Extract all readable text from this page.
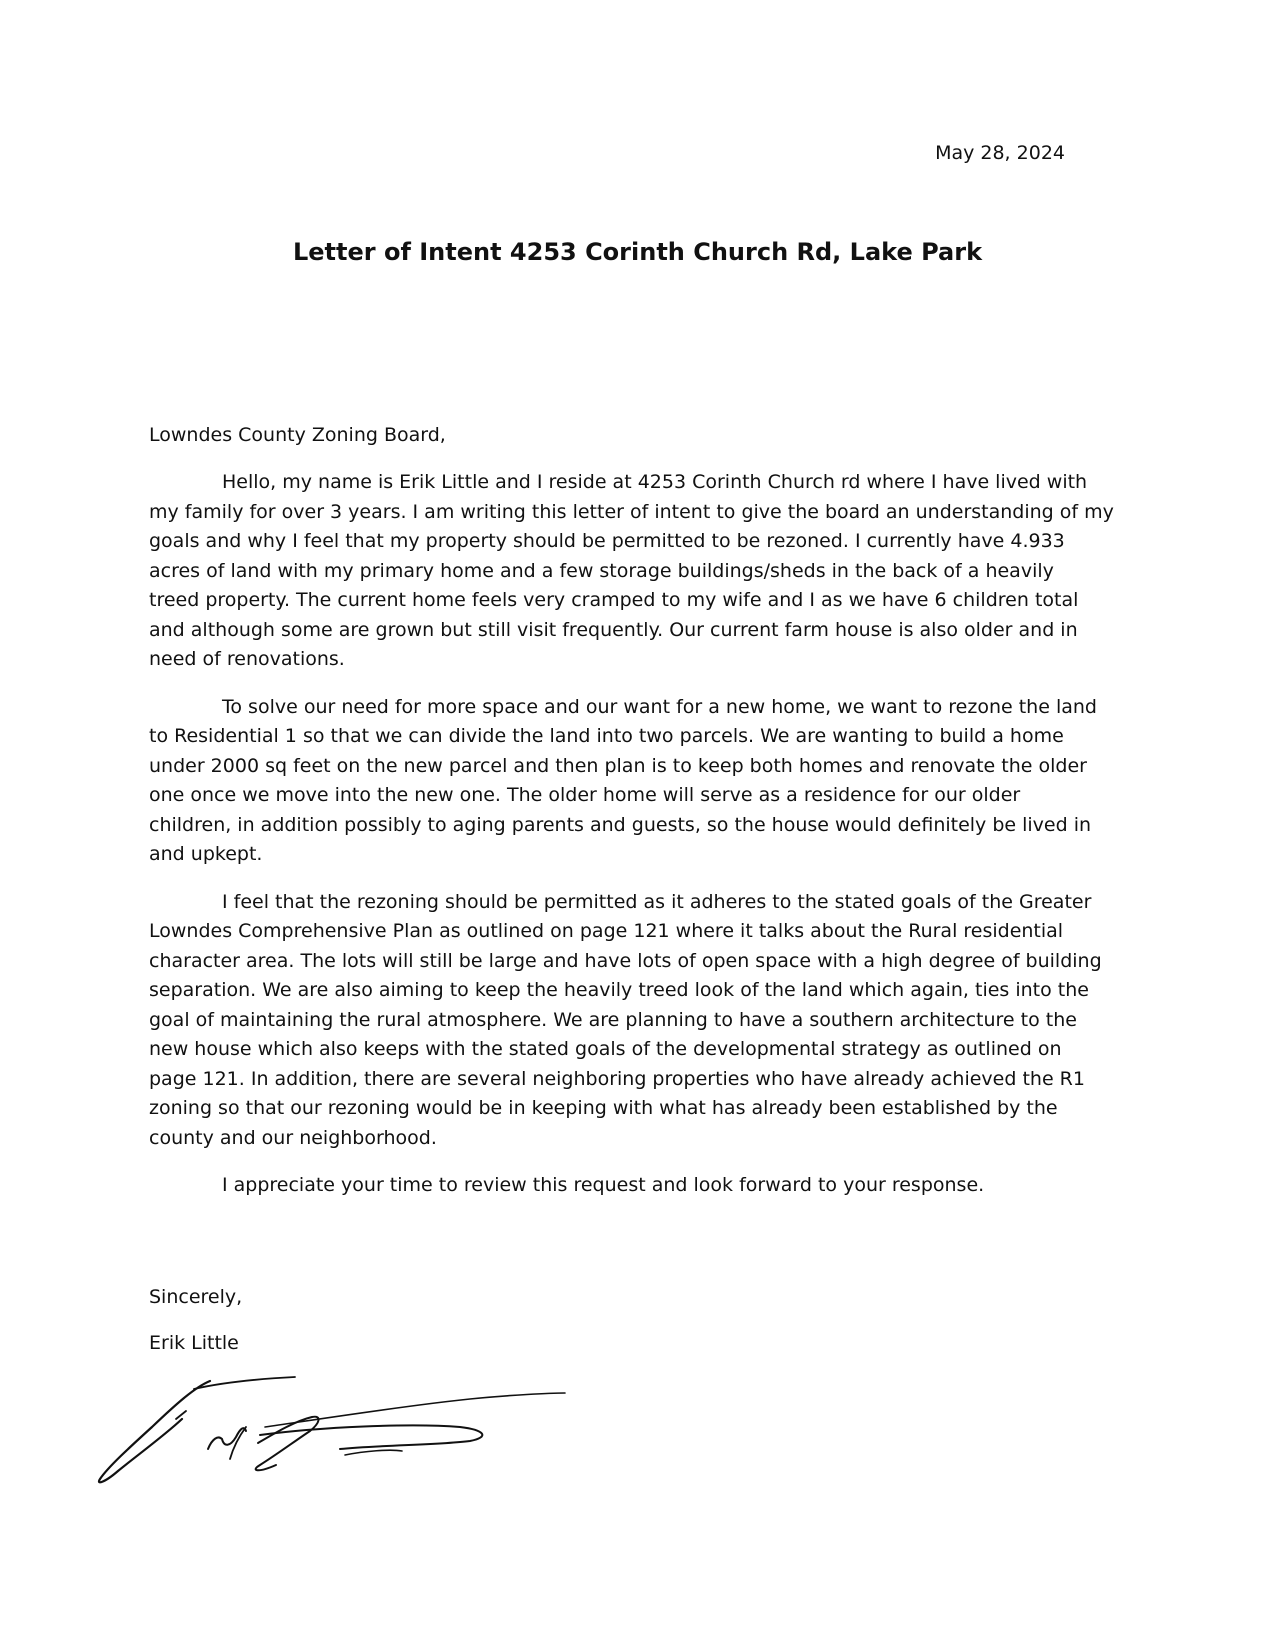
May 28, 2024
Letter of Intent 4253 Corinth Church Rd, Lake Park
Lowndes County Zoning Board,

Hello, my name is Erik Little and I reside at 4253 Corinth Church rd where I have lived with
my family for over 3 years. I am writing this letter of intent to give the board an understanding of my
goals and why I feel that my property should be permitted to be rezoned. I currently have 4.933
acres of land with my primary home and a few storage buildings/sheds in the back of a heavily
treed property. The current home feels very cramped to my wife and I as we have 6 children total
and although some are grown but still visit frequently. Our current farm house is also older and in
need of renovations.

To solve our need for more space and our want for a new home, we want to rezone the land
to Residential 1 so that we can divide the land into two parcels. We are wanting to build a home
under 2000 sq feet on the new parcel and then plan is to keep both homes and renovate the older
one once we move into the new one. The older home will serve as a residence for our older
children, in addition possibly to aging parents and guests, so the house would definitely be lived in
and upkept.

I feel that the rezoning should be permitted as it adheres to the stated goals of the Greater
Lowndes Comprehensive Plan as outlined on page 121 where it talks about the Rural residential
character area. The lots will still be large and have lots of open space with a high degree of building
separation. We are also aiming to keep the heavily treed look of the land which again, ties into the
goal of maintaining the rural atmosphere. We are planning to have a southern architecture to the
new house which also keeps with the stated goals of the developmental strategy as outlined on
page 121. In addition, there are several neighboring properties who have already achieved the R1
zoning so that our rezoning would be in keeping with what has already been established by the
county and our neighborhood.

I appreciate your time to review this request and look forward to your response.

Sincerely,
Erik Little
